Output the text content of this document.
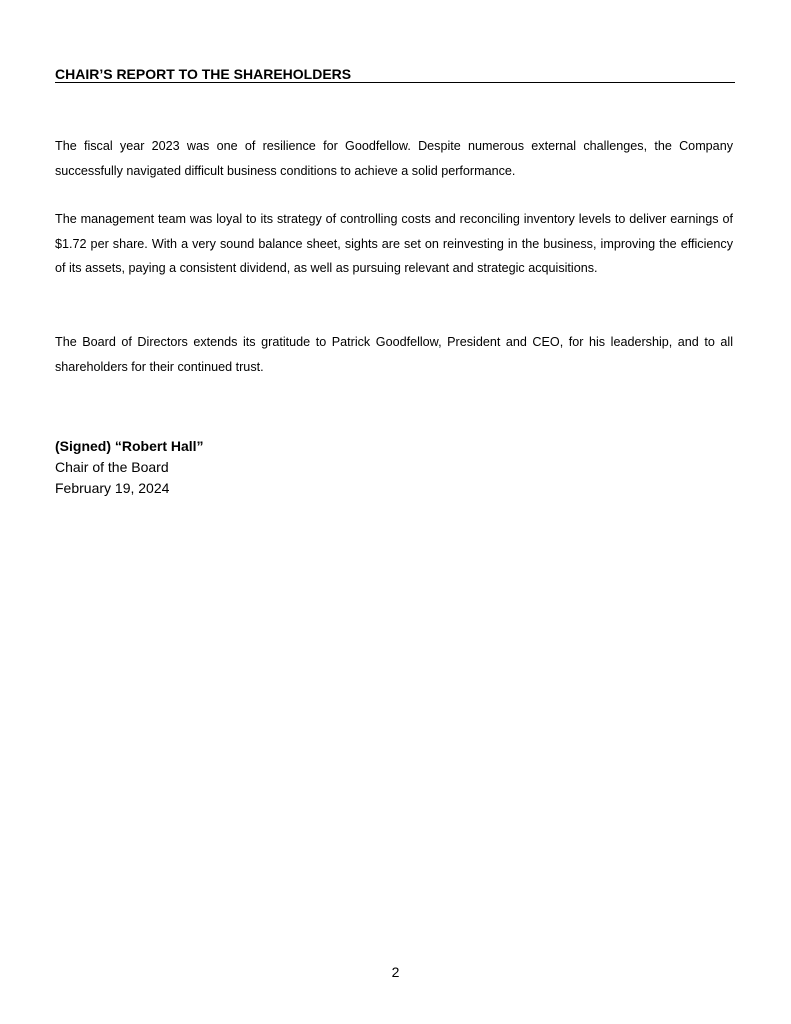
CHAIR’S REPORT TO THE SHAREHOLDERS

The fiscal year 2023 was one of resilience for Goodfellow. Despite numerous external challenges, the Company successfully navigated difficult business conditions to achieve a solid performance.

The management team was loyal to its strategy of controlling costs and reconciling inventory levels to deliver earnings of $1.72 per share. With a very sound balance sheet, sights are set on reinvesting in the business, improving the efficiency of its assets, paying a consistent dividend, as well as pursuing relevant and strategic acquisitions.

The Board of Directors extends its gratitude to Patrick Goodfellow, President and CEO, for his leadership, and to all shareholders for their continued trust.

(Signed) “Robert Hall”
Chair of the Board
February 19, 2024
2
